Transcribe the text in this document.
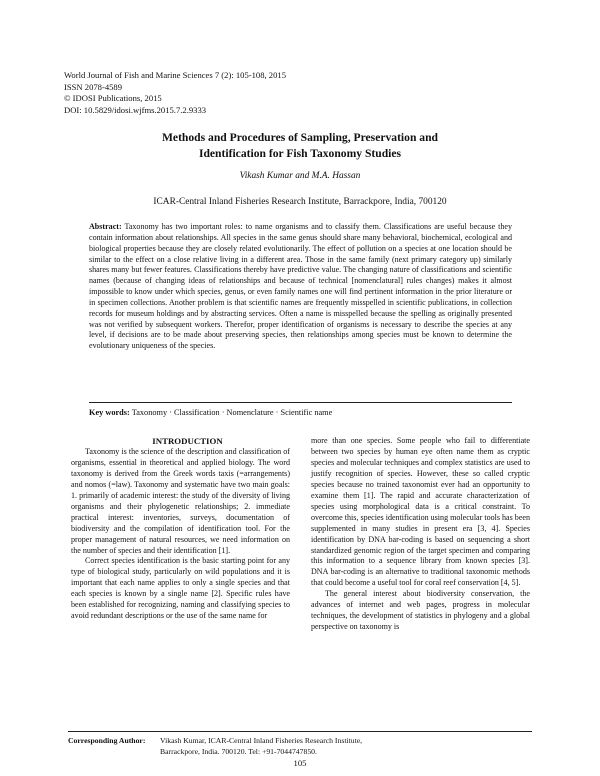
World Journal of Fish and Marine Sciences 7 (2): 105-108, 2015
ISSN 2078-4589
© IDOSI Publications, 2015
DOI: 10.5829/idosi.wjfms.2015.7.2.9333
Methods and Procedures of Sampling, Preservation and
Identification for Fish Taxonomy Studies
Vikash Kumar and M.A. Hassan
ICAR-Central Inland Fisheries Research Institute, Barrackpore, India, 700120
Abstract: Taxonomy has two important roles: to name organisms and to classify them. Classifications are useful because they contain information about relationships. All species in the same genus should share many behavioral, biochemical, ecological and biological properties because they are closely related evolutionarily. The effect of pollution on a species at one location should be similar to the effect on a close relative living in a different area. Those in the same family (next primary category up) similarly shares many but fewer features. Classifications thereby have predictive value. The changing nature of classifications and scientific names (because of changing ideas of relationships and because of technical [nomenclatural] rules changes) makes it almost impossible to know under which species, genus, or even family names one will find pertinent information in the prior literature or in specimen collections. Another problem is that scientific names are frequently misspelled in scientific publications, in collection records for museum holdings and by abstracting services. Often a name is misspelled because the spelling as originally presented was not verified by subsequent workers. Therefor, proper identification of organisms is necessary to describe the species at any level, if decisions are to be made about preserving species, then relationships among species must be known to determine the evolutionary uniqueness of the species.
Key words: Taxonomy · Classification · Nomenclature · Scientific name

INTRODUCTION

Taxonomy is the science of the description and classification of organisms, essential in theoretical and applied biology. The word taxonomy is derived from the Greek words taxis (=arrangements) and nomos (=law). Taxonomy and systematic have two main goals: 1. primarily of academic interest: the study of the diversity of living organisms and their phylogenetic relationships; 2. immediate practical interest: inventories, surveys, documentation of biodiversity and the compilation of identification tool. For the proper management of natural resources, we need information on the number of species and their identification [1].

Correct species identification is the basic starting point for any type of biological study, particularly on wild populations and it is important that each name applies to only a single species and that each species is known by a single name [2]. Specific rules have been established for recognizing, naming and classifying species to avoid redundant descriptions or the use of the same name for

more than one species. Some people who fail to differentiate between two species by human eye often name them as cryptic species and molecular techniques and complex statistics are used to justify recognition of species. However, these so called cryptic species because no trained taxonomist ever had an opportunity to examine them [1]. The rapid and accurate characterization of species using morphological data is a critical constraint. To overcome this, species identification using molecular tools has been supplemented in many studies in present era [3, 4]. Species identification by DNA bar-coding is based on sequencing a short standardized genomic region of the target specimen and comparing this information to a sequence library from known species [3]. DNA bar-coding is an alternative to traditional taxonomic methods that could become a useful tool for coral reef conservation [4, 5].

The general interest about biodiversity conservation, the advances of internet and web pages, progress in molecular techniques, the development of statistics in phylogeny and a global perspective on taxonomy is

Corresponding Author: Vikash Kumar, ICAR-Central Inland Fisheries Research Institute,
Barrackpore, India. 700120. Tel: +91-7044747850.
105
